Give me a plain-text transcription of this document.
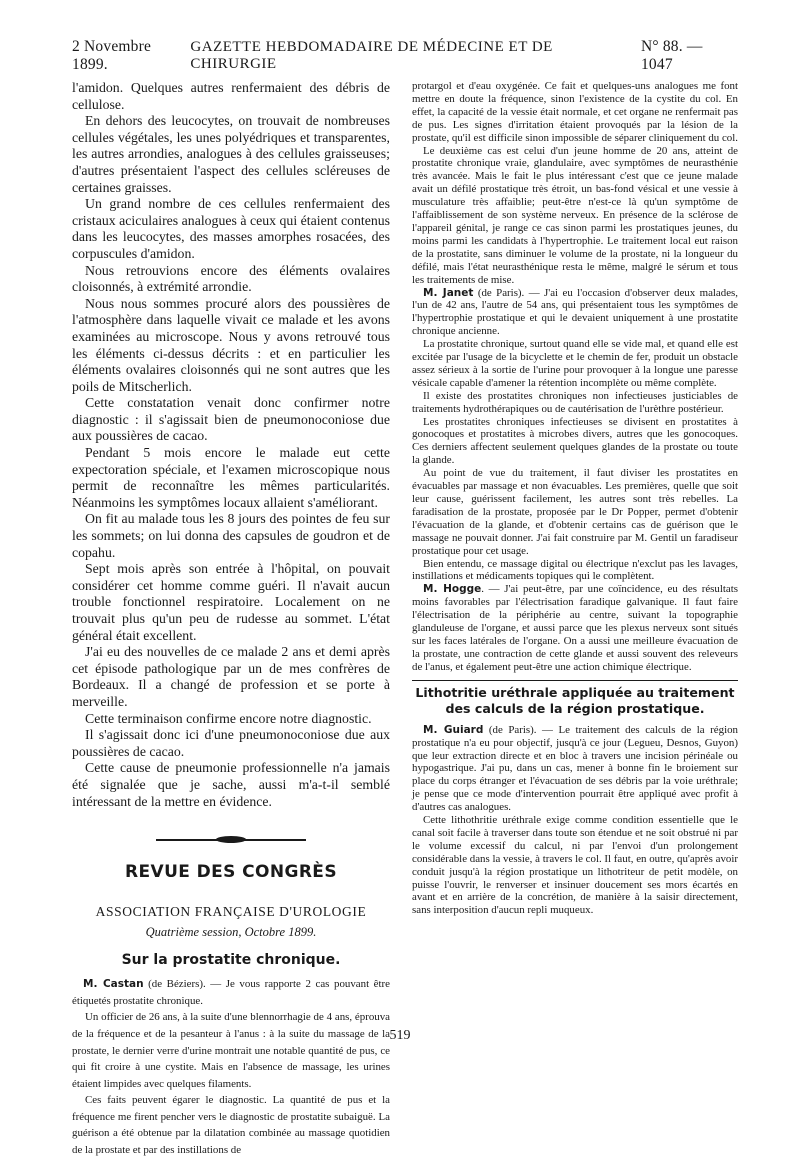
2 Novembre 1899.
GAZETTE HEBDOMADAIRE DE MÉDECINE ET DE CHIRURGIE
N° 88. — 1047

l'amidon. Quelques autres renfermaient des débris de cellulose.

En dehors des leucocytes, on trouvait de nombreuses cellules végétales, les unes polyédriques et transparentes, les autres arrondies, analogues à des cellules graisseuses; d'autres présentaient l'aspect des cellules scléreuses de certaines graisses.

Un grand nombre de ces cellules renfermaient des cristaux aciculaires analogues à ceux qui étaient contenus dans les leucocytes, des masses amorphes rosacées, des corpuscules d'amidon.

Nous retrouvions encore des éléments ovalaires cloisonnés, à extrémité arrondie.

Nous nous sommes procuré alors des poussières de l'atmosphère dans laquelle vivait ce malade et les avons examinées au microscope. Nous y avons retrouvé tous les éléments ci-dessus décrits : et en particulier les éléments ovalaires cloisonnés qui ne sont autres que les poils de Mitscherlich.

Cette constatation venait donc confirmer notre diagnostic : il s'agissait bien de pneumonoconiose due aux poussières de cacao.

Pendant 5 mois encore le malade eut cette expectoration spéciale, et l'examen microscopique nous permit de reconnaître les mêmes particularités. Néanmoins les symptômes locaux allaient s'améliorant.

On fit au malade tous les 8 jours des pointes de feu sur les sommets; on lui donna des capsules de goudron et de copahu.

Sept mois après son entrée à l'hôpital, on pouvait considérer cet homme comme guéri. Il n'avait aucun trouble fonctionnel respiratoire. Localement on ne trouvait plus qu'un peu de rudesse au sommet. L'état général était excellent.

J'ai eu des nouvelles de ce malade 2 ans et demi après cet épisode pathologique par un de mes confrères de Bordeaux. Il a changé de profession et se porte à merveille.

Cette terminaison confirme encore notre diagnostic.

Il s'agissait donc ici d'une pneumonoconiose due aux poussières de cacao.

Cette cause de pneumonie professionnelle n'a jamais été signalée que je sache, aussi m'a-t-il semblé intéressant de la mettre en évidence.

REVUE DES CONGRÈS
ASSOCIATION FRANÇAISE D'UROLOGIE
Quatrième session, Octobre 1899.
Sur la prostatite chronique.

M. Castan (de Béziers). — Je vous rapporte 2 cas pouvant être étiquetés prostatite chronique.

Un officier de 26 ans, à la suite d'une blennorrhagie de 4 ans, éprouva de la fréquence et de la pesanteur à l'anus : à la suite du massage de la prostate, le dernier verre d'urine montrait une notable quantité de pus, ce qui fit croire à une cystite. Mais en l'absence de massage, les urines étaient limpides avec quelques filaments.

Ces faits peuvent égarer le diagnostic. La quantité de pus et la fréquence me firent pencher vers le diagnostic de prostatite subaiguë. La guérison a été obtenue par la dilatation combinée au massage quotidien de la prostate et par des instillations de

protargol et d'eau oxygénée. Ce fait et quelques-uns analogues me font mettre en doute la fréquence, sinon l'existence de la cystite du col. En effet, la capacité de la vessie était normale, et cet organe ne renfermait pas de pus. Les signes d'irritation étaient provoqués par la lésion de la prostate, qu'il est difficile sinon impossible de séparer cliniquement du col.

Le deuxième cas est celui d'un jeune homme de 20 ans, atteint de prostatite chronique vraie, glandulaire, avec symptômes de neurasthénie très avancée. Mais le fait le plus intéressant c'est que ce jeune malade avait un défilé prostatique très étroit, un bas-fond vésical et une vessie à musculature très affaiblie; peut-être n'est-ce là qu'un symptôme de l'affaiblissement de son système nerveux. En présence de la sclérose de l'appareil génital, je range ce cas sinon parmi les prostatiques jeunes, du moins parmi les candidats à l'hypertrophie. Le traitement local eut raison de la prostatite, sans diminuer le volume de la prostate, ni la longueur du défilé, mais l'état neurasthénique resta le même, malgré le sérum et tous les traitements de mise.

M. Janet (de Paris). — J'ai eu l'occasion d'observer deux malades, l'un de 42 ans, l'autre de 54 ans, qui présentaient tous les symptômes de l'hypertrophie prostatique et qui le devaient uniquement à une prostatite chronique ancienne.

La prostatite chronique, surtout quand elle se vide mal, et quand elle est excitée par l'usage de la bicyclette et le chemin de fer, produit un obstacle assez sérieux à la sortie de l'urine pour provoquer à la longue une paresse vésicale capable d'amener la rétention incomplète ou même complète.

Il existe des prostatites chroniques non infectieuses justiciables de traitements hydrothérapiques ou de cautérisation de l'urèthre postérieur.

Les prostatites chroniques infectieuses se divisent en prostatites à gonocoques et prostatites à microbes divers, autres que les gonocoques. Ces derniers affectent seulement quelques glandes de la prostate ou toute la glande.

Au point de vue du traitement, il faut diviser les prostatites en évacuables par massage et non évacuables. Les premières, quelle que soit leur cause, guérissent facilement, les autres sont très rebelles. La faradisation de la prostate, proposée par le Dr Popper, permet d'obtenir l'évacuation de la glande, et d'obtenir certains cas de guérison que le massage ne pouvait donner. J'ai fait construire par M. Gentil un faradiseur prostatique pour cet usage.

Bien entendu, ce massage digital ou électrique n'exclut pas les lavages, instillations et médicaments topiques qui le complètent.

M. Hogge. — J'ai peut-être, par une coïncidence, eu des résultats moins favorables par l'électrisation faradique galvanique. Il faut faire l'électrisation de la périphérie au centre, suivant la topographie glanduleuse de l'organe, et aussi parce que les plexus nerveux sont situés sur les faces latérales de l'organe. On a aussi une meilleure évacuation de la prostate, une contraction de cette glande et aussi souvent des releveurs de l'anus, et également peut-être une action chimique électrique.

Lithotritie uréthrale appliquée au traitement des calculs de la région prostatique.

M. Guiard (de Paris). — Le traitement des calculs de la région prostatique n'a eu pour objectif, jusqu'à ce jour (Legueu, Desnos, Guyon) que leur extraction directe et en bloc à travers une incision périnéale ou hypogastrique. J'ai pu, dans un cas, mener à bonne fin le broiement sur place du corps étranger et l'évacuation de ses débris par la voie uréthrale; je pense que ce mode d'intervention pourrait être appliqué avec profit à d'autres cas analogues.

Cette lithothritie uréthrale exige comme condition essentielle que le canal soit facile à traverser dans toute son étendue et ne soit obstrué ni par le volume excessif du calcul, ni par l'envoi d'un prolongement considérable dans la vessie, à travers le col. Il faut, en outre, qu'après avoir conduit jusqu'à la région prostatique un lithotriteur de petit modèle, on puisse l'ouvrir, le renverser et insinuer doucement ses mors écartés en avant et en arrière de la concrétion, de manière à la saisir directement, sans interposition d'aucun repli muqueux.

519
